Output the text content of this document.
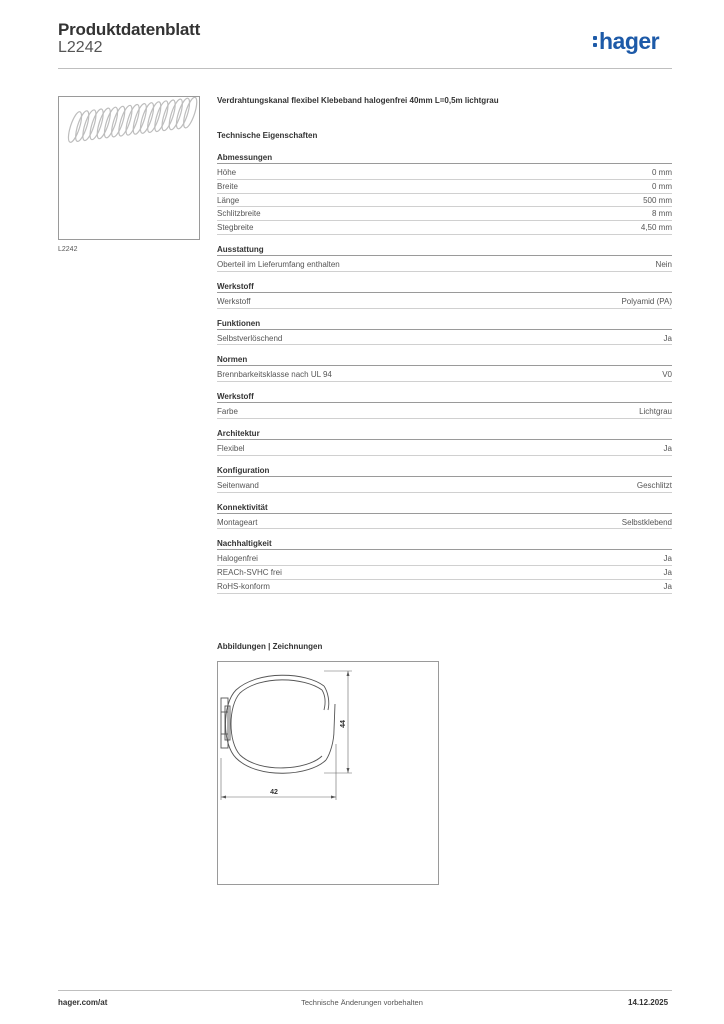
Produktdatenblatt
L2242	hager
L2242
Verdrahtungskanal flexibel Klebeband halogenfrei 40mm L=0,5m lichtgrau
Technische Eigenschaften
Abmessungen
Höhe	0 mm
Breite	0 mm
Länge	500 mm
Schlitzbreite	8 mm
Stegbreite	4,50 mm
Ausstattung
Oberteil im Lieferumfang enthalten	Nein
Werkstoff
Werkstoff	Polyamid (PA)
Funktionen
Selbstverlöschend	Ja
Normen
Brennbarkeitsklasse nach UL 94	V0
Werkstoff
Farbe	Lichtgrau
Architektur
Flexibel	Ja
Konfiguration
Seitenwand	Geschlitzt
Konnektivität
Montageart	Selbstklebend
Nachhaltigkeit
Halogenfrei	Ja
REACh-SVHC frei	Ja
RoHS-konform	Ja
Abbildungen | Zeichnungen
44
42
Technische Änderungen vorbehalten
hager.com/at	14.12.2025
